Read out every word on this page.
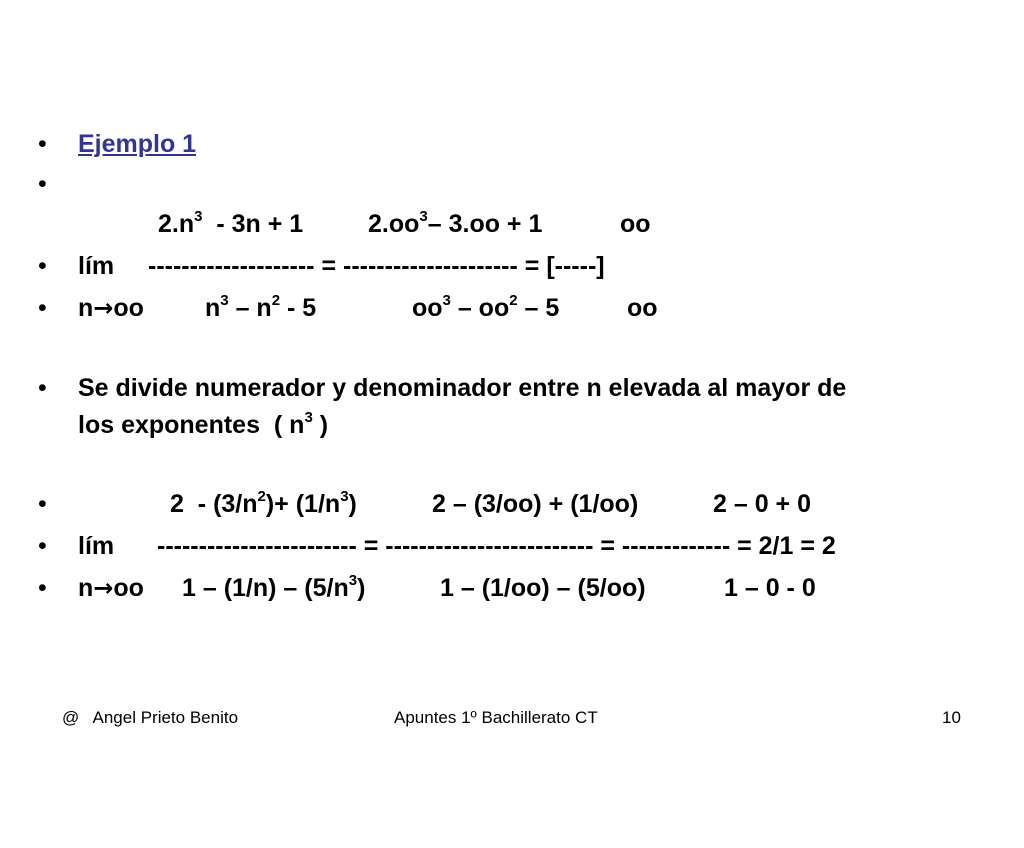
•

Ejemplo 1

•

$2.n^3 - 3n + 1$

	$2.oo^3-$ 3.oo + 1

	oo

•

lím

-------------------- = --------------------- = [-----]

•

n→oo

$n^3 - n^2 - 5$

	$oo^3 - oo^2 - 5$

	oo

•

Se divide numerador y denominador entre n elevada al mayor de

los exponentes  ( $n^3$ )

•

	$2 - (3/n^2)+ (1/n^3)$

	2 – (3/oo) + (1/oo)

	2 – 0 + 0

•

lím

------------------------ = ------------------------- = ------------- = 2/1 = 2

•

n→oo

$1 - (1/n) - (5/n^3)$

	1 – (1/oo) – (5/oo)

	1 – 0 - 0

@   Angel Prieto Benito	Apuntes 1º Bachillerato CT	10
